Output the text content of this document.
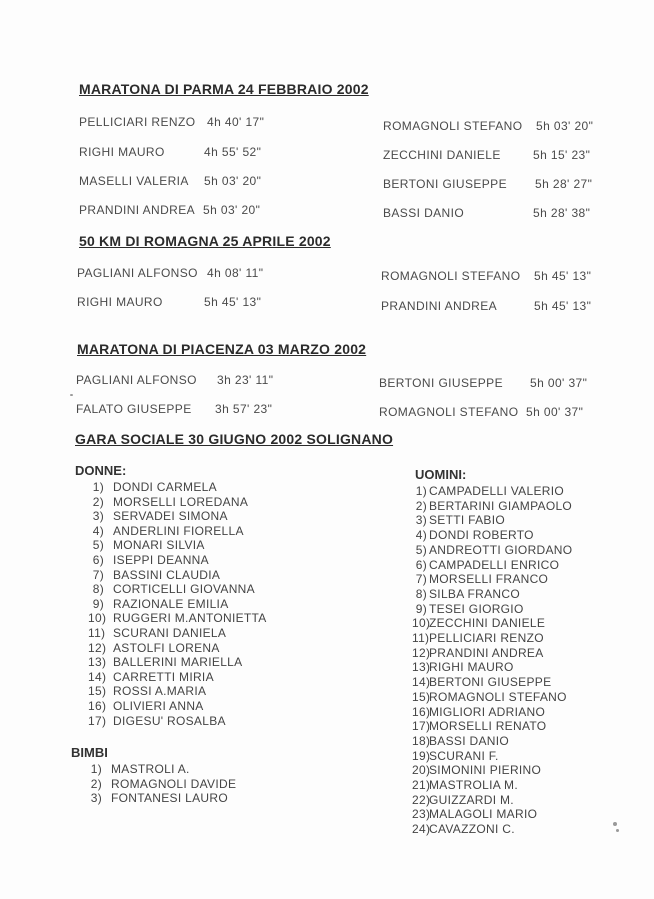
MARATONA DI PARMA 24 FEBBRAIO 2002
50 KM DI ROMAGNA 25 APRILE 2002
MARATONA DI PIACENZA 03 MARZO 2002
GARA SOCIALE 30 GIUGNO 2002 SOLIGNANO
PELLICIARI RENZO 4h 40' 17"
RIGHI MAURO	4h 55' 52"
MASELLI VALERIA 5h 03' 20"
PRANDINI ANDREA 5h 03' 20"
ROMAGNOLI STEFANO 5h 03' 20"
ZECCHINI DANIELE	5h 15' 23"
BERTONI GIUSEPPE 5h 28' 27"
BASSI DANIO	5h 28' 38"
PAGLIANI ALFONSO 4h 08' 11"
RIGHI MAURO	5h 45' 13"
ROMAGNOLI STEFANO 5h 45' 13"
PRANDINI ANDREA	5h 45' 13"
PAGLIANI ALFONSO 3h 23' 11"
FALATO GIUSEPPE 3h 57' 23"
BERTONI GIUSEPPE 5h 00' 37"
ROMAGNOLI STEFANO 5h 00' 37"
DONNE:
1) DONDI CARMELA
2) MORSELLI LOREDANA
3) SERVADEI SIMONA
4) ANDERLINI FIORELLA
5) MONARI SILVIA
6) ISEPPI DEANNA
7) BASSINI CLAUDIA
8) CORTICELLI GIOVANNA
9) RAZIONALE EMILIA
10) RUGGERI M.ANTONIETTA
11) SCURANI DANIELA
12) ASTOLFI LORENA
13) BALLERINI MARIELLA
14) CARRETTI MIRIA
15) ROSSI A.MARIA
16) OLIVIERI ANNA
17) DIGESU' ROSALBA
BIMBI
1) MASTROLI A.
2) ROMAGNOLI DAVIDE
3) FONTANESI LAURO
UOMINI:
1) CAMPADELLI VALERIO
2) BERTARINI GIAMPAOLO
3) SETTI FABIO
4) DONDI ROBERTO
5) ANDREOTTI GIORDANO
6) CAMPADELLI ENRICO
7) MORSELLI FRANCO
8) SILBA FRANCO
9) TESEI GIORGIO
10)ZECCHINI DANIELE
11)PELLICIARI RENZO
12)PRANDINI ANDREA
13)RIGHI MAURO
14)BERTONI GIUSEPPE
15)ROMAGNOLI STEFANO
16)MIGLIORI ADRIANO
17)MORSELLI RENATO
18)BASSI DANIO
19)SCURANI F.
20)SIMONINI PIERINO
21)MASTROLIA M.
22)GUIZZARDI M.
23)MALAGOLI MARIO
24)CAVAZZONI C.
